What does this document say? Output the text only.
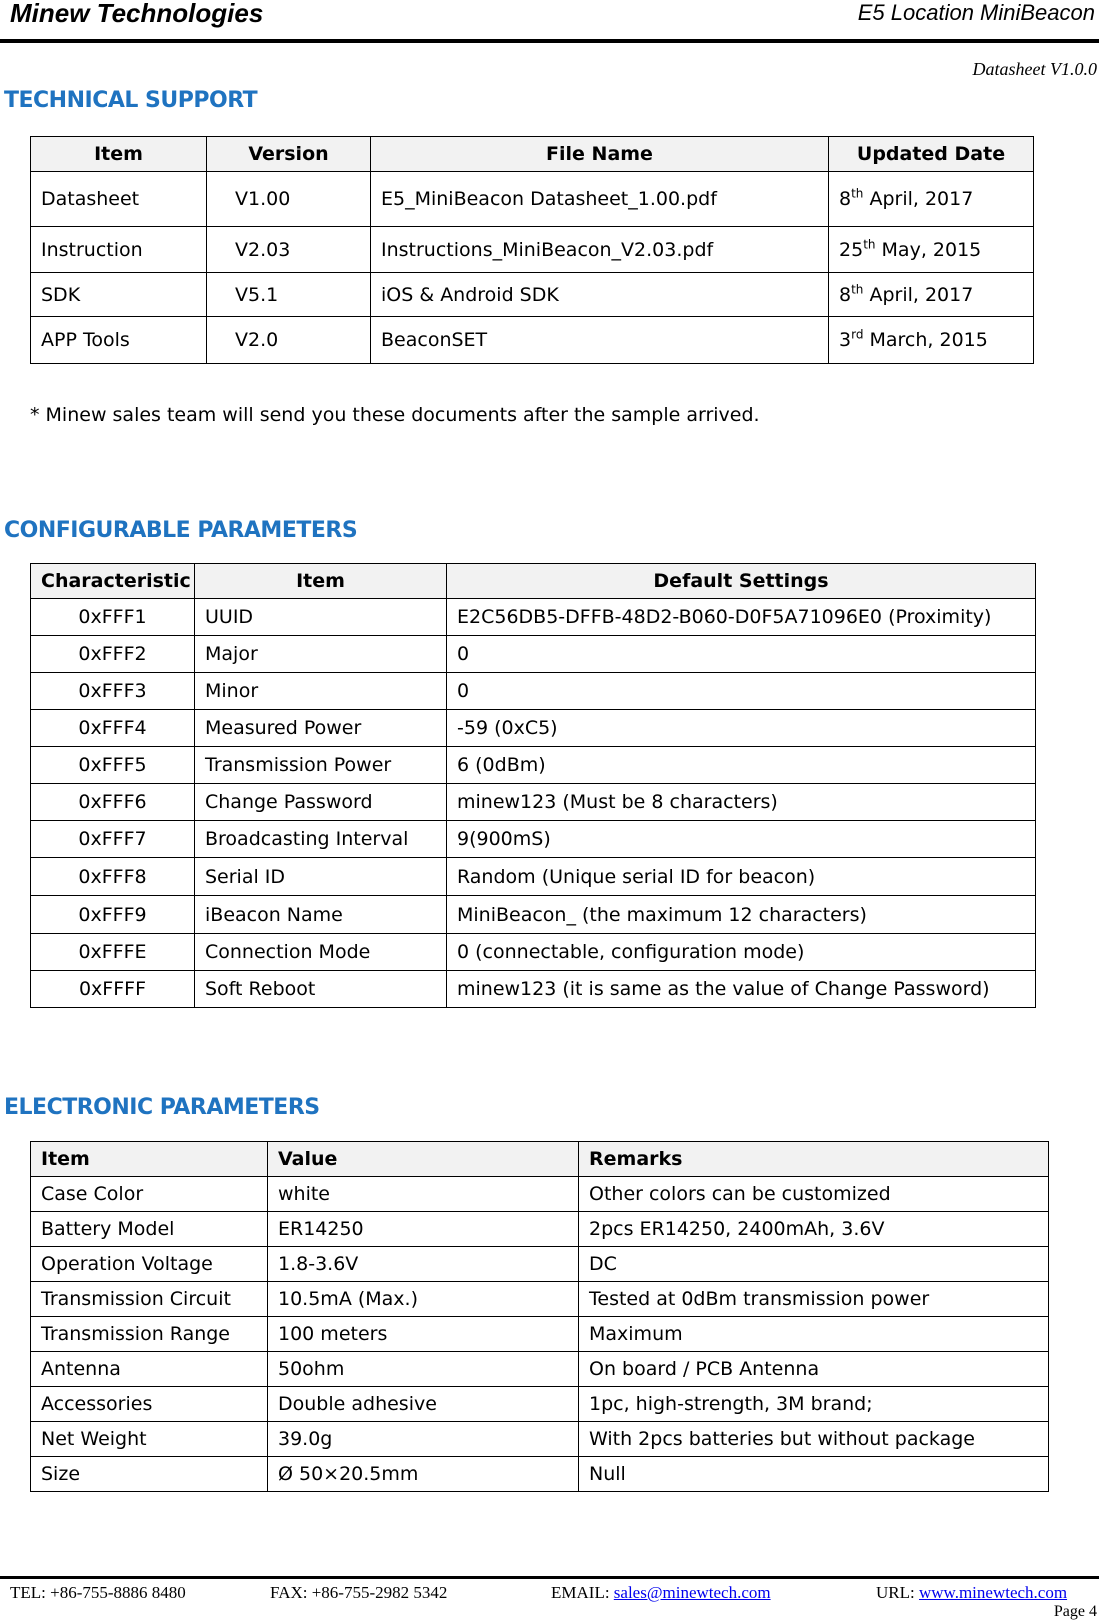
Minew Technologies	E5 Location MiniBeacon
Datasheet V1.0.0
TECHNICAL SUPPORT
Item	Version	File Name	Updated Date
Datasheet	V1.00	E5_MiniBeacon Datasheet_1.00.pdf	8th April, 2017
Instruction	V2.03	Instructions_MiniBeacon_V2.03.pdf	25th May, 2015
SDK	V5.1	iOS & Android SDK	8th April, 2017
APP Tools	V2.0	BeaconSET	3rd March, 2015
* Minew sales team will send you these documents after the sample arrived.
CONFIGURABLE PARAMETERS
Characteristic	Item	Default Settings
0xFFF1	UUID	E2C56DB5-DFFB-48D2-B060-D0F5A71096E0 (Proximity)
0xFFF2	Major	0
0xFFF3	Minor	0
0xFFF4	Measured Power	-59 (0xC5)
0xFFF5	Transmission Power	6 (0dBm)
0xFFF6	Change Password	minew123 (Must be 8 characters)
0xFFF7	Broadcasting Interval	9(900mS)
0xFFF8	Serial ID	Random (Unique serial ID for beacon)
0xFFF9	iBeacon Name	MiniBeacon_ (the maximum 12 characters)
0xFFFE	Connection Mode	0 (connectable, configuration mode)
0xFFFF	Soft Reboot	minew123 (it is same as the value of Change Password)
ELECTRONIC PARAMETERS
Item	Value	Remarks
Case Color	white	Other colors can be customized
Battery Model	ER14250	2pcs ER14250, 2400mAh, 3.6V
Operation Voltage	1.8-3.6V	DC
Transmission Circuit	10.5mA (Max.)	Tested at 0dBm transmission power
Transmission Range	100 meters	Maximum
Antenna	50ohm	On board / PCB Antenna
Accessories	Double adhesive	1pc, high-strength, 3M brand;
Net Weight	39.0g	With 2pcs batteries but without package
Size	Ø 50×20.5mm	Null
TEL: +86-755-8886 8480	FAX: +86-755-2982 5342	EMAIL: sales@minewtech.com	URL: www.minewtech.com
Page 4
